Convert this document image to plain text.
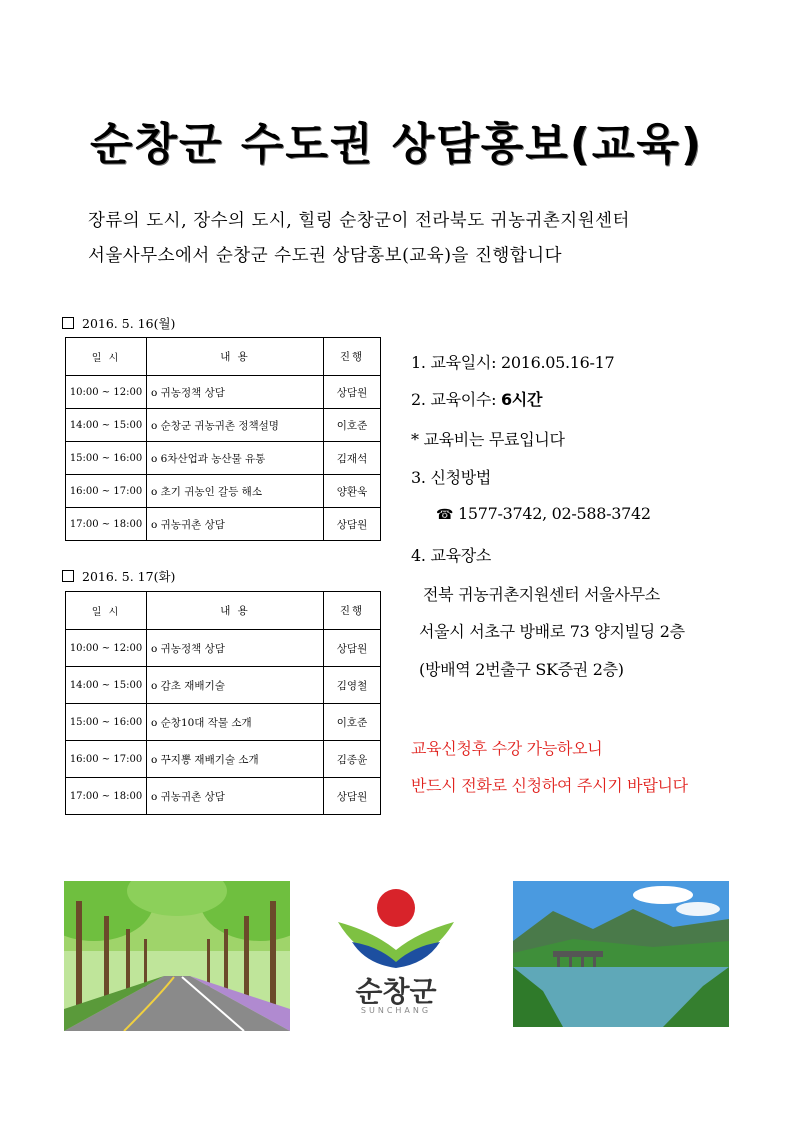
순창군 수도권 상담홍보(교육)
장류의 도시, 장수의 도시, 힐링 순창군이 전라북도 귀농귀촌지원센터
서울사무소에서 순창군 수도권 상담홍보(교육)을 진행합니다
2016. 5. 16(월)
일 시	내 용	진행
10:00 ~ 12:00	o 귀농정책 상담	상담원
14:00 ~ 15:00	o 순창군 귀농귀촌 정책설명	이호준
15:00 ~ 16:00	o 6차산업과 농산물 유통	김재석
16:00 ~ 17:00	o 초기 귀농인 갈등 해소	양환욱
17:00 ~ 18:00	o 귀농귀촌 상담	상담원
2016. 5. 17(화)
일 시	내 용	진행
10:00 ~ 12:00	o 귀농정책 상담	상담원
14:00 ~ 15:00	o 감초 재배기술	김영철
15:00 ~ 16:00	o 순창10대 작물 소개	이호준
16:00 ~ 17:00	o 꾸지뽕 재배기술 소개	김종윤
17:00 ~ 18:00	o 귀농귀촌 상담	상담원
1. 교육일시: 2016.05.16-17
2. 교육이수: 6시간
* 교육비는 무료입니다
3. 신청방법
☎ 1577-3742, 02-588-3742
4. 교육장소
전북 귀농귀촌지원센터 서울사무소
서울시 서초구 방배로 73 양지빌딩 2층
(방배역 2번출구 SK증권 2층)
교육신청후 수강 가능하오니
반드시 전화로 신청하여 주시기 바랍니다
순창군
SUNCHANG
